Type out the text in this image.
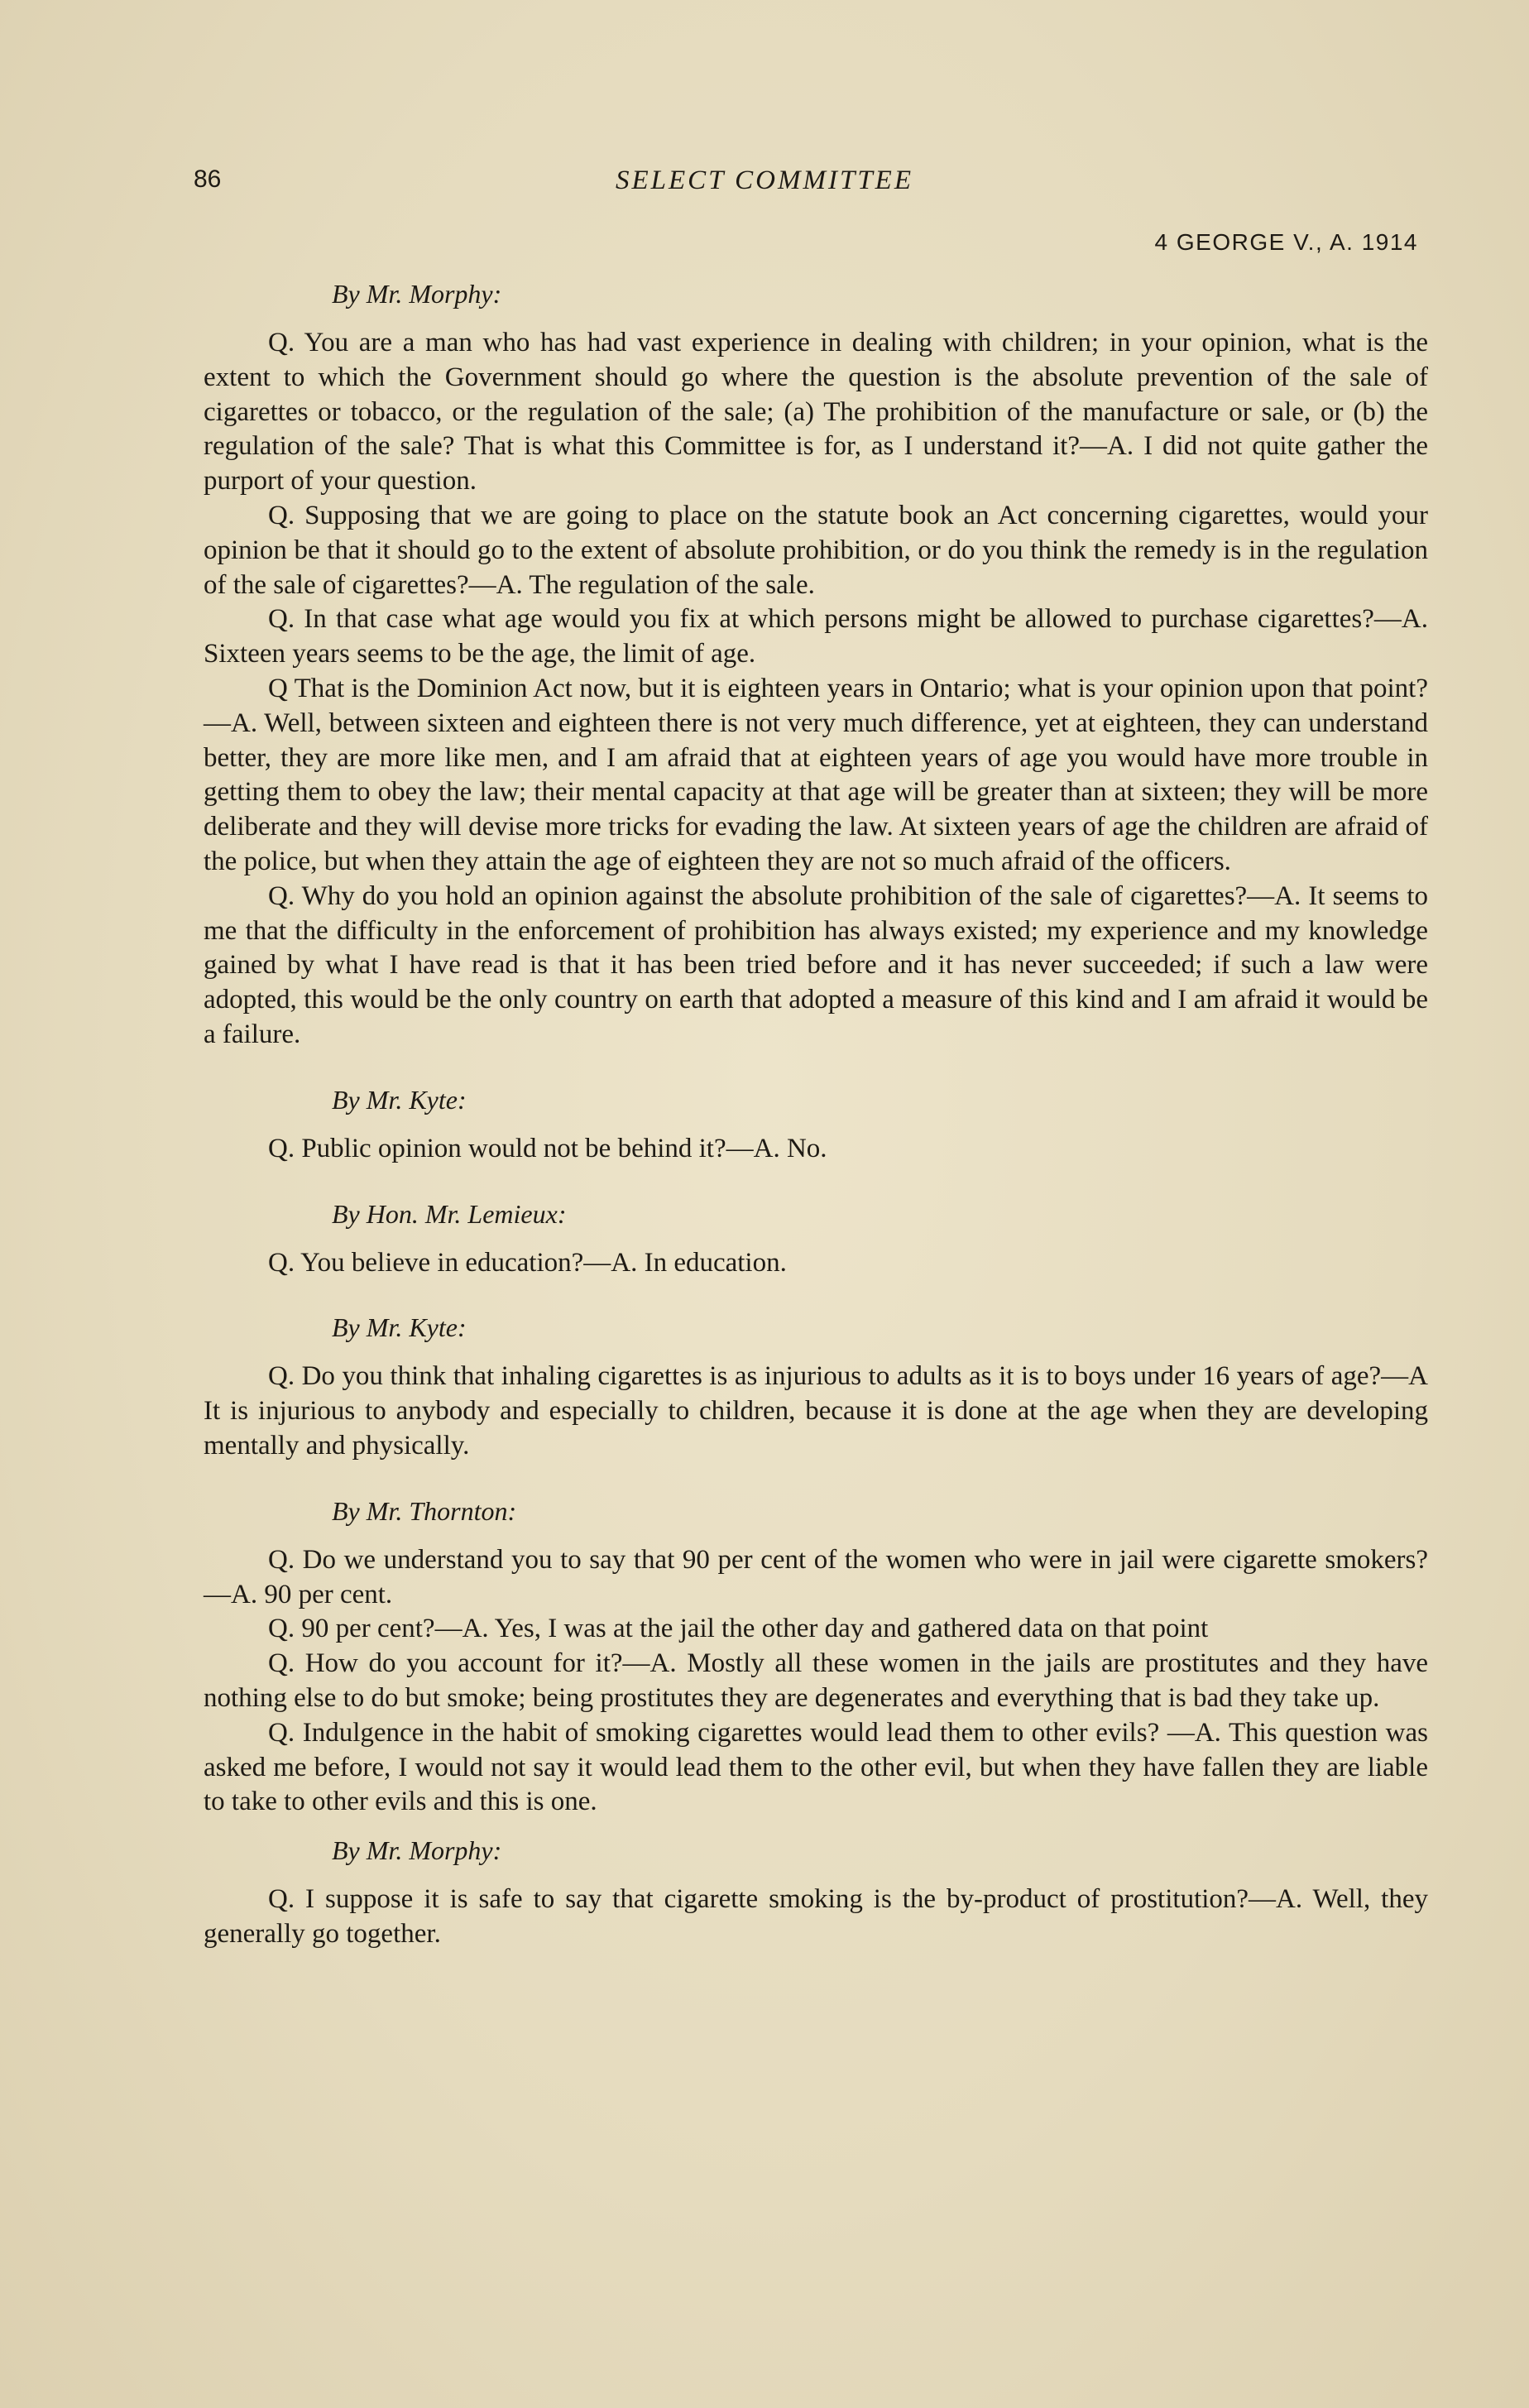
86	SELECT COMMITTEE
4 GEORGE V., A. 1914

By Mr. Morphy:

Q. You are a man who has had vast experience in dealing with children; in your opinion, what is the extent to which the Government should go where the question is the absolute prevention of the sale of cigarettes or tobacco, or the regulation of the sale; (a) The prohibition of the manufacture or sale, or (b) the regulation of the sale? That is what this Committee is for, as I understand it?—A. I did not quite gather the purport of your question.

Q. Supposing that we are going to place on the statute book an Act concerning cigarettes, would your opinion be that it should go to the extent of absolute prohibition, or do you think the remedy is in the regulation of the sale of cigarettes?—A. The regulation of the sale.

Q. In that case what age would you fix at which persons might be allowed to purchase cigarettes?—A. Sixteen years seems to be the age, the limit of age.

Q That is the Dominion Act now, but it is eighteen years in Ontario; what is your opinion upon that point?—A. Well, between sixteen and eighteen there is not very much difference, yet at eighteen, they can understand better, they are more like men, and I am afraid that at eighteen years of age you would have more trouble in getting them to obey the law; their mental capacity at that age will be greater than at sixteen; they will be more deliberate and they will devise more tricks for evading the law. At sixteen years of age the children are afraid of the police, but when they attain the age of eighteen they are not so much afraid of the officers.

Q. Why do you hold an opinion against the absolute prohibition of the sale of cigarettes?—A. It seems to me that the difficulty in the enforcement of prohibition has always existed; my experience and my knowledge gained by what I have read is that it has been tried before and it has never succeeded; if such a law were adopted, this would be the only country on earth that adopted a measure of this kind and I am afraid it would be a failure.

By Mr. Kyte:

Q. Public opinion would not be behind it?—A. No.

By Hon. Mr. Lemieux:

Q. You believe in education?—A. In education.

By Mr. Kyte:

Q. Do you think that inhaling cigarettes is as injurious to adults as it is to boys under 16 years of age?—A It is injurious to anybody and especially to children, because it is done at the age when they are developing mentally and physically.

By Mr. Thornton:

Q. Do we understand you to say that 90 per cent of the women who were in jail were cigarette smokers?—A. 90 per cent.

Q. 90 per cent?—A. Yes, I was at the jail the other day and gathered data on that point

Q. How do you account for it?—A. Mostly all these women in the jails are prostitutes and they have nothing else to do but smoke; being prostitutes they are degenerates and everything that is bad they take up.

Q. Indulgence in the habit of smoking cigarettes would lead them to other evils? —A. This question was asked me before, I would not say it would lead them to the other evil, but when they have fallen they are liable to take to other evils and this is one.

By Mr. Morphy:

Q. I suppose it is safe to say that cigarette smoking is the by-product of prostitution?—A. Well, they generally go together.
